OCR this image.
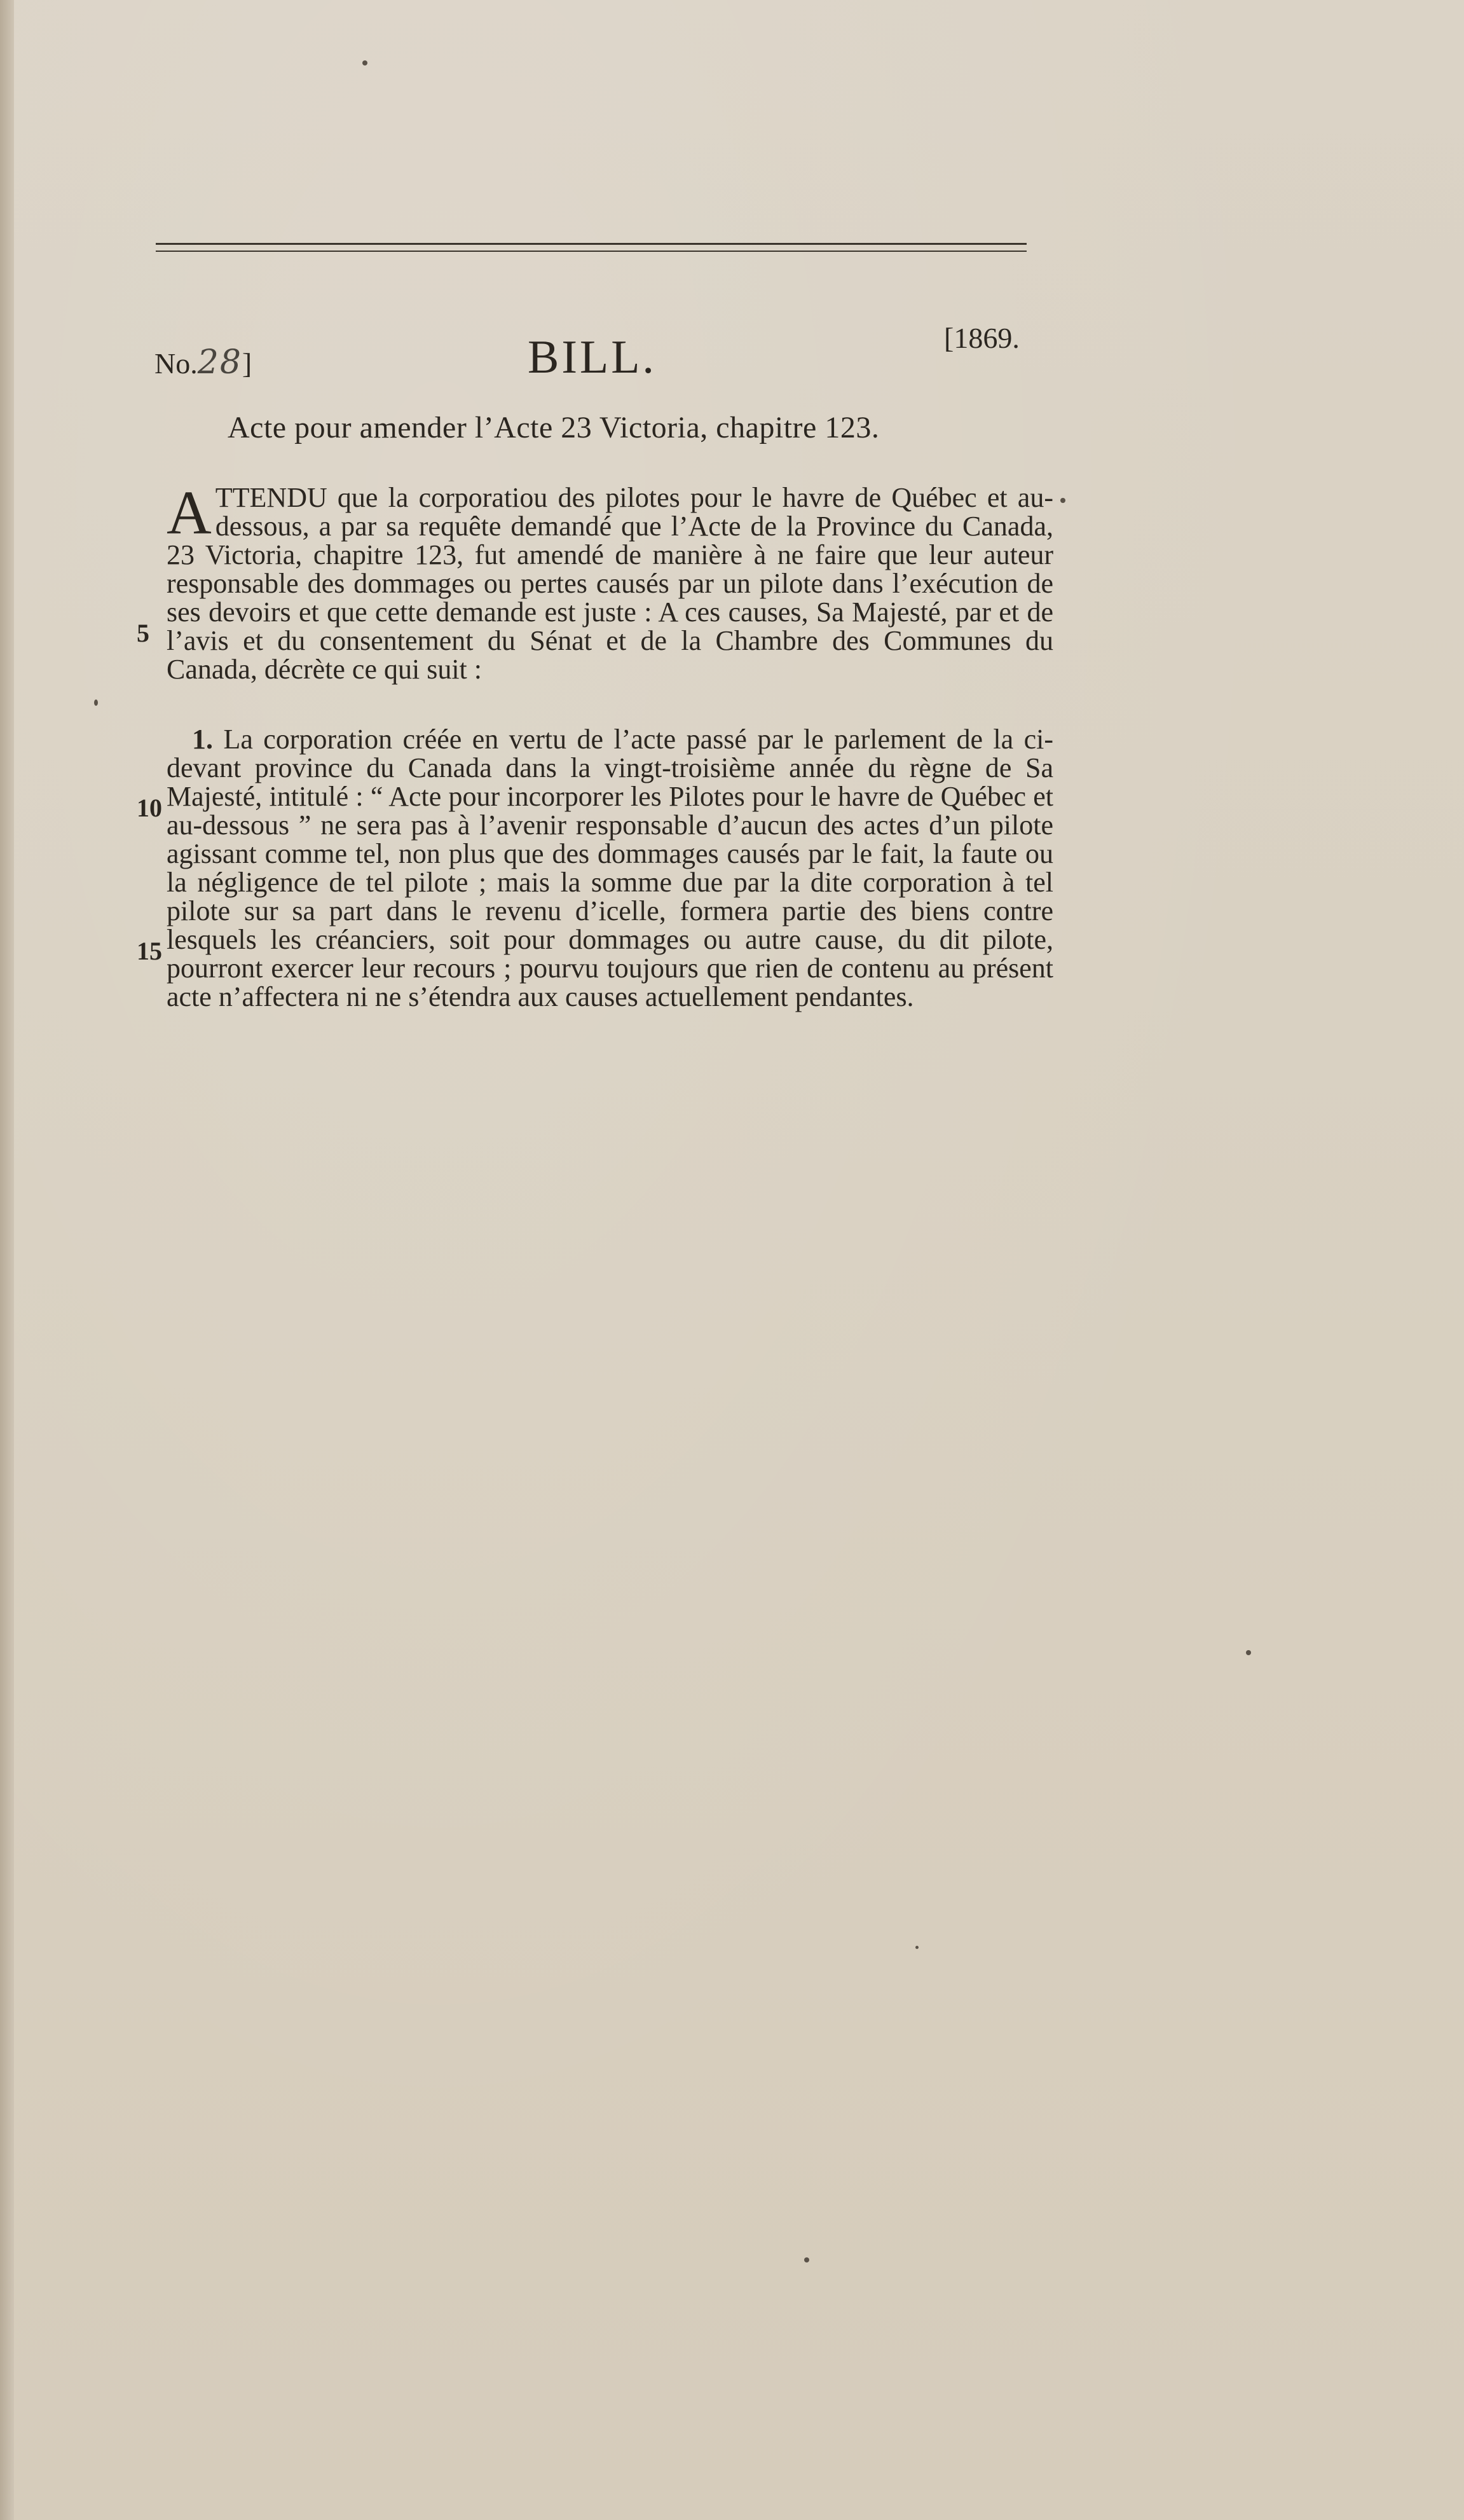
No.28]	BILL.	[1869.
Acte pour amender l’Acte 23 Victoria, chapitre 123.

ATTENDU que la corporatiou des pilotes pour le havre de Québec et au-dessous, a par sa requête demandé que l’Acte de la Province du Canada, 23 Victoria, chapitre 123, fut amendé de manière à ne faire que leur auteur responsable des dommages ou pertes causés par un pilote dans l’exécution de ses devoirs et que cette demande est juste : A ces causes, Sa Majesté, par et de l’avis et du consentement du Sénat et de la Chambre des Communes du Canada, décrète ce qui suit :

5

1. La corporation créée en vertu de l’acte passé par le parlement de la ci-devant province du Canada dans la vingt-troisième année du règne de Sa Majesté, intitulé : “ Acte pour incorporer les Pilotes pour le havre de Québec et au-dessous ” ne sera pas à l’avenir responsable d’aucun des actes d’un pilote agissant comme tel, non plus que des dommages causés par le fait, la faute ou la négligence de tel pilote ; mais la somme due par la dite corporation à tel pilote sur sa part dans le revenu d’icelle, formera partie des biens contre lesquels les créanciers, soit pour dommages ou autre cause, du dit pilote, pourront exercer leur recours ; pourvu toujours que rien de contenu au présent acte n’affectera ni ne s’étendra aux causes actuellement pendantes.

10
15
